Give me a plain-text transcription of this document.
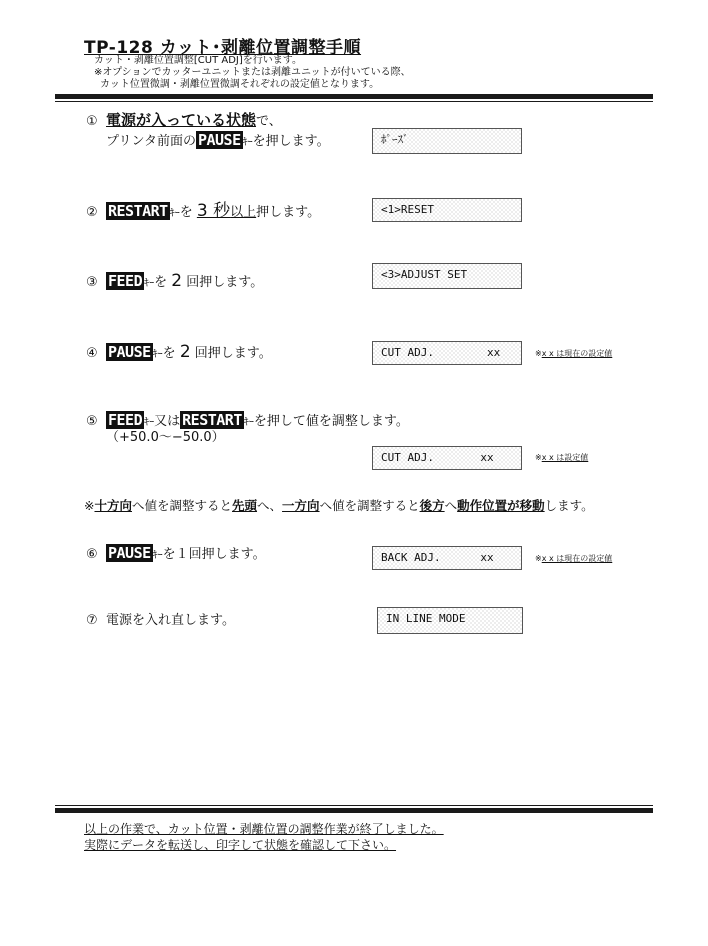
TP-128 カット･剥離位置調整手順
カット・剥離位置調整[CUT ADJ]を行います。
※オプションでカッターユニットまたは剥離ユニットが付いている際、
カット位置微調・剥離位置微調それぞれの設定値となります。
① 電源が入っている状態で、
プリンタ前面の PAUSE ｷｰを押します。	ﾎﾟｰｽﾞ
② RESTART ｷｰを 3 秒以上押します。	<1>RESET
③ FEED ｷｰを 2 回押します。
<3>ADJUST SET
④ PAUSE ｷｰを 2 回押します。	CUT ADJ.        xx	※x x は現在の設定値
⑤ FEED ｷｰ又は RESTART ｷｰを押して値を調整します。
（+50.0～−50.0）
CUT ADJ.       xx	※x x は設定値
※十方向へ値を調整すると先頭へ、一方向へ値を調整すると後方へ動作位置が移動します。
⑥ PAUSE ｷｰを１回押します。	BACK ADJ.      xx	※x x は現在の設定値
⑦ 電源を入れ直します。	IN LINE MODE
以上の作業で、カット位置・剥離位置の調整作業が終了しました。
実際にデータを転送し、印字して状態を確認して下さい。
